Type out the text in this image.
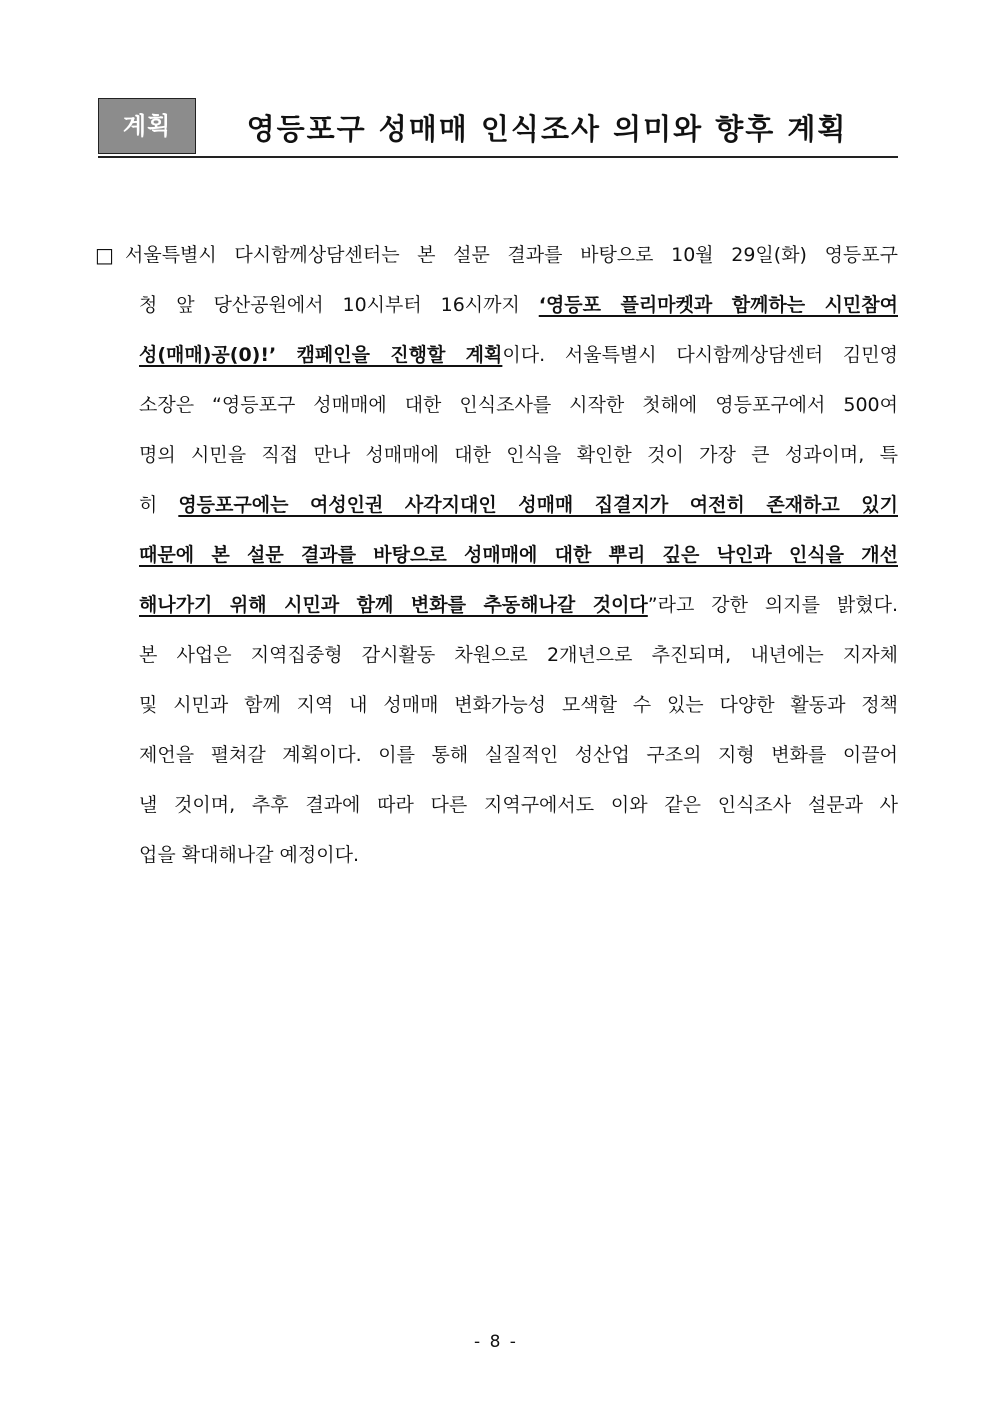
계획	영등포구 성매매 인식조사 의미와 향후 계획
□ 서울특별시 다시함께상담센터는 본 설문 결과를 바탕으로 10월 29일(화) 영등포구
청 앞 당산공원에서 10시부터 16시까지 ‘영등포 플리마켓과 함께하는 시민참여
성(매매)공(0)!’ 캠페인을 진행할 계획이다. 서울특별시 다시함께상담센터 김민영
소장은 “영등포구 성매매에 대한 인식조사를 시작한 첫해에 영등포구에서 500여
명의 시민을 직접 만나 성매매에 대한 인식을 확인한 것이 가장 큰 성과이며, 특
히 영등포구에는 여성인권 사각지대인 성매매 집결지가 여전히 존재하고 있기
때문에 본 설문 결과를 바탕으로 성매매에 대한 뿌리 깊은 낙인과 인식을 개선
해나가기 위해 시민과 함께 변화를 추동해나갈 것이다”라고 강한 의지를 밝혔다.
본 사업은 지역집중형 감시활동 차원으로 2개년으로 추진되며, 내년에는 지자체
및 시민과 함께 지역 내 성매매 변화가능성 모색할 수 있는 다양한 활동과 정책
제언을 펼쳐갈 계획이다. 이를 통해 실질적인 성산업 구조의 지형 변화를 이끌어
낼 것이며, 추후 결과에 따라 다른 지역구에서도 이와 같은 인식조사 설문과 사
업을 확대해나갈 예정이다.
- 8 -
